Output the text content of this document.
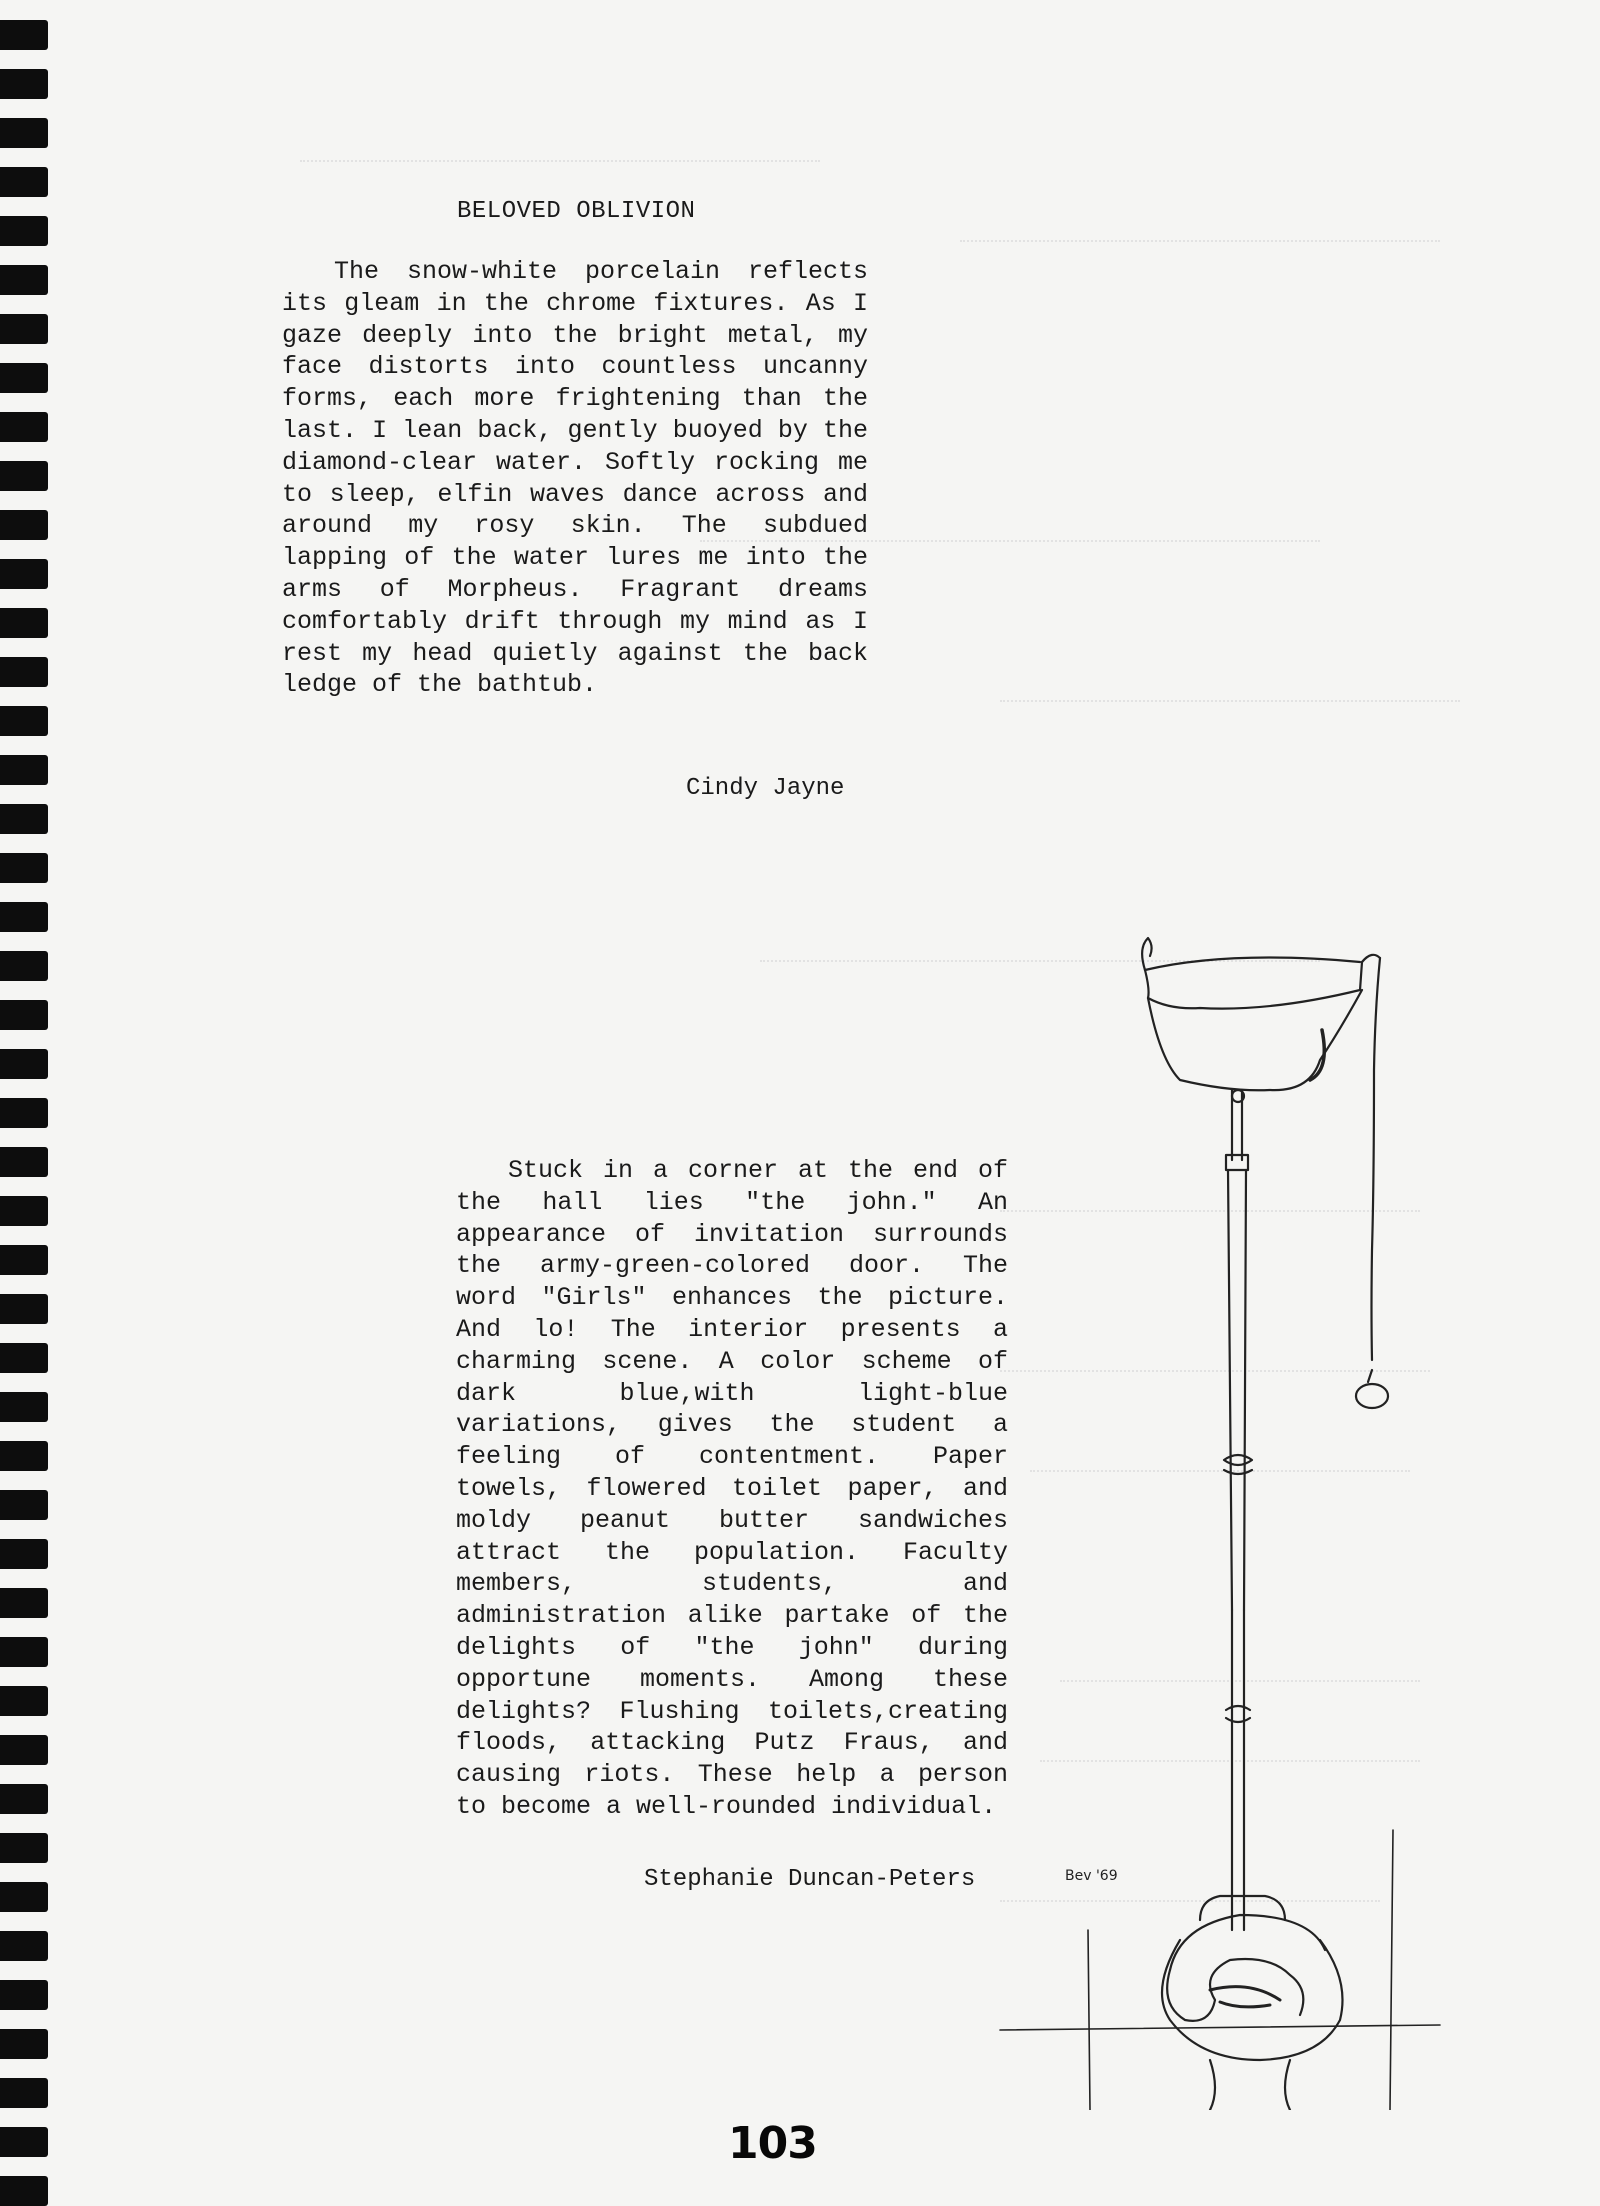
BELOVED OBLIVION

The snow-white porcelain reflects its gleam in the chrome fixtures. As I gaze deeply into the bright metal, my face distorts into countless uncanny forms, each more frightening than the last. I lean back, gently buoyed by the diamond-clear water. Softly rocking me to sleep, elfin waves dance across and around my rosy skin. The subdued lapping of the water lures me into the arms of Morpheus. Fragrant dreams comfortably drift through my mind as I rest my head quietly against the back ledge of the bathtub.

Cindy Jayne

Stuck in a corner at the end of the hall lies "the john." An appearance of invitation surrounds the army-green-colored door. The word "Girls" enhances the picture. And lo! The interior presents a charming scene. A color scheme of dark blue,with light-blue variations, gives the student a feeling of contentment. Paper towels, flowered toilet paper, and moldy peanut butter sandwiches attract the population. Faculty members, students, and administration alike partake of the delights of "the john" during opportune moments. Among these delights? Flushing toilets,creating floods, attacking Putz Fraus, and causing riots. These help a person to become a well-rounded individual.

Stephanie Duncan-Peters	Bev '69
103
